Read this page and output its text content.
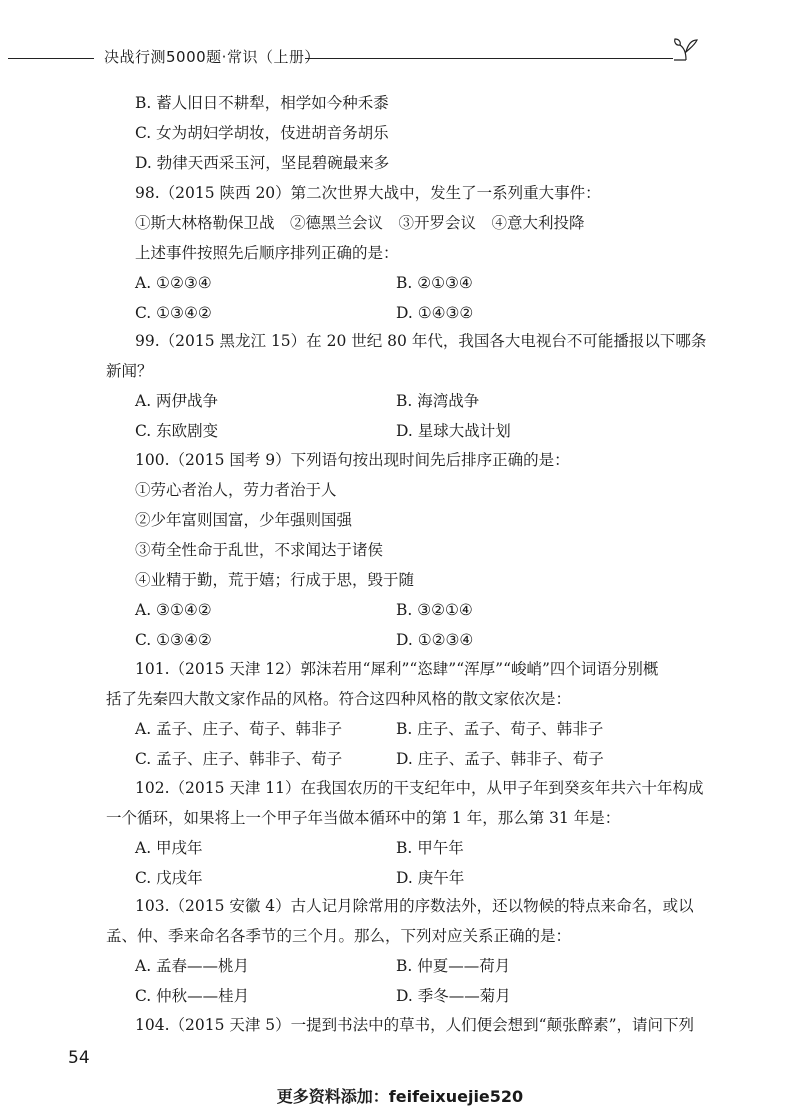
决战行测5000题·常识（上册）
B. 蓄人旧日不耕犁，相学如今种禾黍
C. 女为胡妇学胡妆，伎进胡音务胡乐
D. 勃律天西采玉河，坚昆碧碗最来多
98.（2015 陕西 20）第二次世界大战中，发生了一系列重大事件：
①斯大林格勒保卫战　②德黑兰会议　③开罗会议　④意大利投降
上述事件按照先后顺序排列正确的是：
99.（2015 黑龙江 15）在 20 世纪 80 年代，我国各大电视台不可能播报以下哪条
新闻？
100.（2015 国考 9）下列语句按出现时间先后排序正确的是：
①劳心者治人，劳力者治于人
②少年富则国富，少年强则国强
③苟全性命于乱世，不求闻达于诸侯
④业精于勤，荒于嬉；行成于思，毁于随
101.（2015 天津 12）郭沫若用“犀利”“恣肆”“浑厚”“峻峭”四个词语分别概
括了先秦四大散文家作品的风格。符合这四种风格的散文家依次是：
102.（2015 天津 11）在我国农历的干支纪年中，从甲子年到癸亥年共六十年构成
一个循环，如果将上一个甲子年当做本循环中的第 1 年，那么第 31 年是：
103.（2015 安徽 4）古人记月除常用的序数法外，还以物候的特点来命名，或以
孟、仲、季来命名各季节的三个月。那么，下列对应关系正确的是：
104.（2015 天津 5）一提到书法中的草书，人们便会想到“颠张醉素”，请问下列
A. ①②③④	B. ②①③④
C. ①③④②	D. ①④③②
A. 两伊战争	B. 海湾战争
C. 东欧剧变	D. 星球大战计划
A. ③①④②	B. ③②①④
C. ①③④②	D. ①②③④
A. 孟子、庄子、荀子、韩非子	B. 庄子、孟子、荀子、韩非子
C. 孟子、庄子、韩非子、荀子	D. 庄子、孟子、韩非子、荀子
A. 甲戌年	B. 甲午年
C. 戊戌年	D. 庚午年
A. 孟春——桃月	B. 仲夏——荷月
C. 仲秋——桂月	D. 季冬——菊月
54
更多资料添加：feifeixuejie520
